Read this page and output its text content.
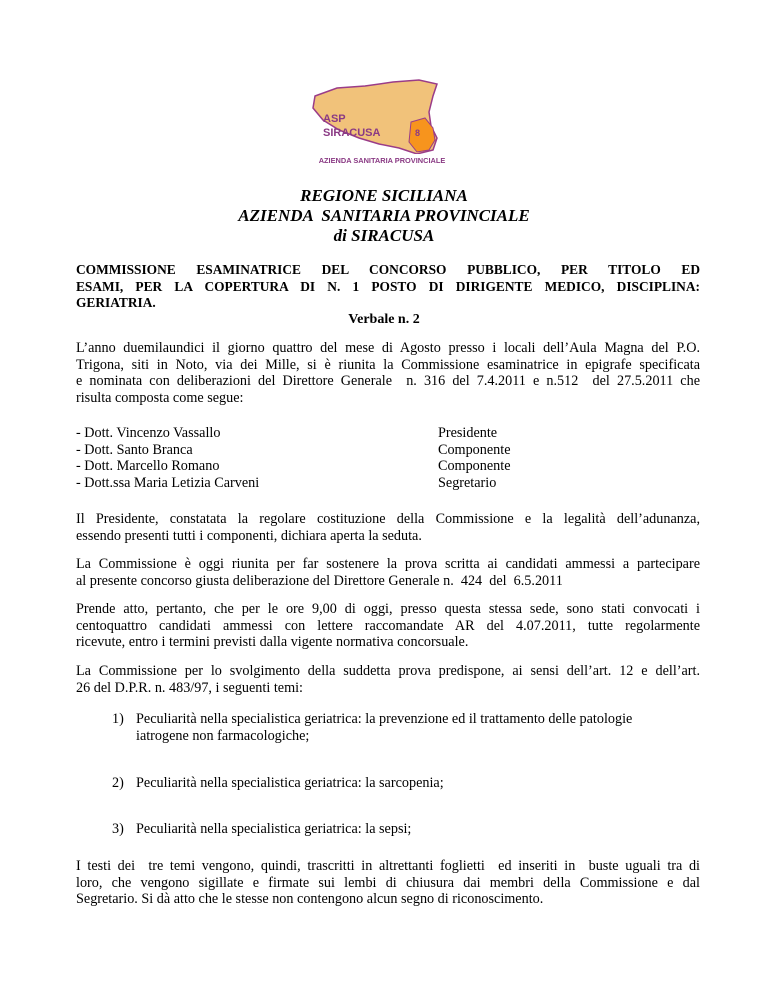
ASP
SIRACUSA	8
AZIENDA SANITARIA PROVINCIALE
REGIONE SICILIANA
AZIENDA  SANITARIA PROVINCIALE
di SIRACUSA
COMMISSIONE ESAMINATRICE DEL CONCORSO PUBBLICO, PER TITOLO ED
ESAMI, PER LA COPERTURA DI N. 1 POSTO DI DIRIGENTE MEDICO, DISCIPLINA:
GERIATRIA.
Verbale n. 2
L’anno duemilaundici il giorno quattro del mese di Agosto presso i locali dell’Aula Magna del P.O.
Trigona, siti in Noto, via dei Mille, si è riunita la Commissione esaminatrice in epigrafe specificata
e nominata con deliberazioni del Direttore Generale  n. 316 del 7.4.2011 e n.512  del 27.5.2011 che
risulta composta come segue:
- Dott. Vincenzo Vassallo	Presidente
- Dott. Santo Branca	Componente
- Dott. Marcello Romano	Componente
- Dott.ssa Maria Letizia Carveni	Segretario
Il Presidente, constatata la regolare costituzione della Commissione e la legalità dell’adunanza,
essendo presenti tutti i componenti, dichiara aperta la seduta.
La Commissione è oggi riunita per far sostenere la prova scritta ai candidati ammessi a partecipare
al presente concorso giusta deliberazione del Direttore Generale n.  424  del  6.5.2011
Prende atto, pertanto, che per le ore 9,00 di oggi, presso questa stessa sede, sono stati convocati i
centoquattro candidati ammessi con lettere raccomandate AR del 4.07.2011, tutte regolarmente
ricevute, entro i termini previsti dalla vigente normativa concorsuale.
La Commissione per lo svolgimento della suddetta prova predispone, ai sensi dell’art. 12 e dell’art.
26 del D.P.R. n. 483/97, i seguenti temi:
1) Peculiarità nella specialistica geriatrica: la prevenzione ed il trattamento delle patologie
iatrogene non farmacologiche;
2) Peculiarità nella specialistica geriatrica: la sarcopenia;
3) Peculiarità nella specialistica geriatrica: la sepsi;
I testi dei  tre temi vengono, quindi, trascritti in altrettanti foglietti  ed inseriti in  buste uguali tra di
loro, che vengono sigillate e firmate sui lembi di chiusura dai membri della Commissione e dal
Segretario. Si dà atto che le stesse non contengono alcun segno di riconoscimento.
